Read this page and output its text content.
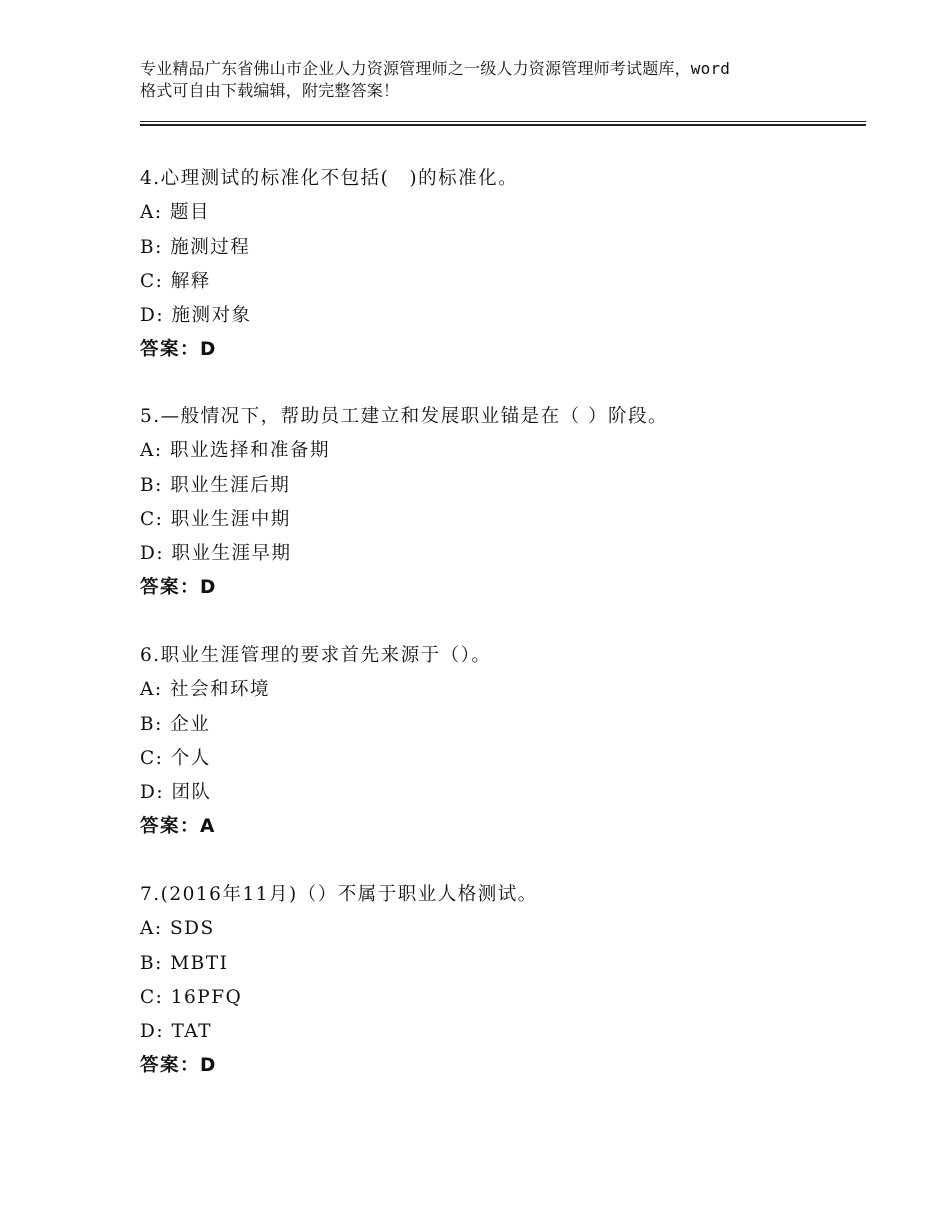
专业精品广东省佛山市企业人力资源管理师之一级人力资源管理师考试题库，word
格式可自由下载编辑，附完整答案！
4.心理测试的标准化不包括(　)的标准化。
A: 题目
B: 施测过程
C: 解释
D: 施测对象
答案：D
5.—般情况下，帮助员工建立和发展职业锚是在（ ）阶段。
A: 职业选择和准备期
B: 职业生涯后期
C: 职业生涯中期
D: 职业生涯早期
答案：D
6.职业生涯管理的要求首先来源于（）。
A: 社会和环境
B: 企业
C: 个人
D: 团队
答案：A
7.(2016年11月)（）不属于职业人格测试。
A: SDS
B: MBTI
C: 16PFQ
D: TAT
答案：D
